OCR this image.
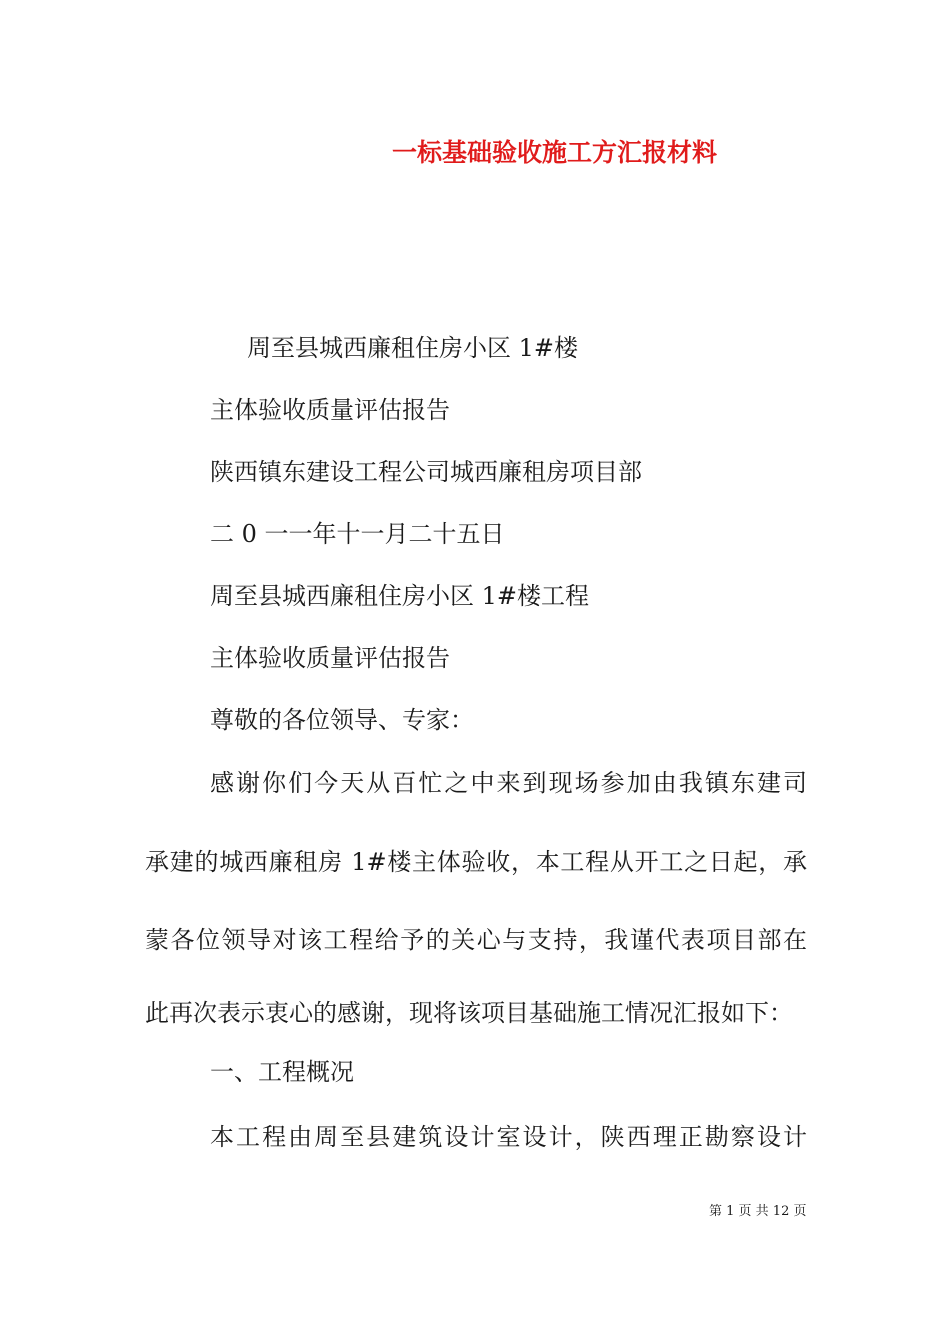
一标基础验收施工方汇报材料
周至县城西廉租住房小区 1#楼
主体验收质量评估报告
陕西镇东建设工程公司城西廉租房项目部
二 0 一一年十一月二十五日
周至县城西廉租住房小区 1#楼工程
主体验收质量评估报告
尊敬的各位领导、专家：
感谢你们今天从百忙之中来到现场参加由我镇东建司
承建的城西廉租房 1#楼主体验收，本工程从开工之日起，承
蒙各位领导对该工程给予的关心与支持，我谨代表项目部在
此再次表示衷心的感谢，现将该项目基础施工情况汇报如下：
一、工程概况
本工程由周至县建筑设计室设计，陕西理正勘察设计
第 1 页 共 12 页
